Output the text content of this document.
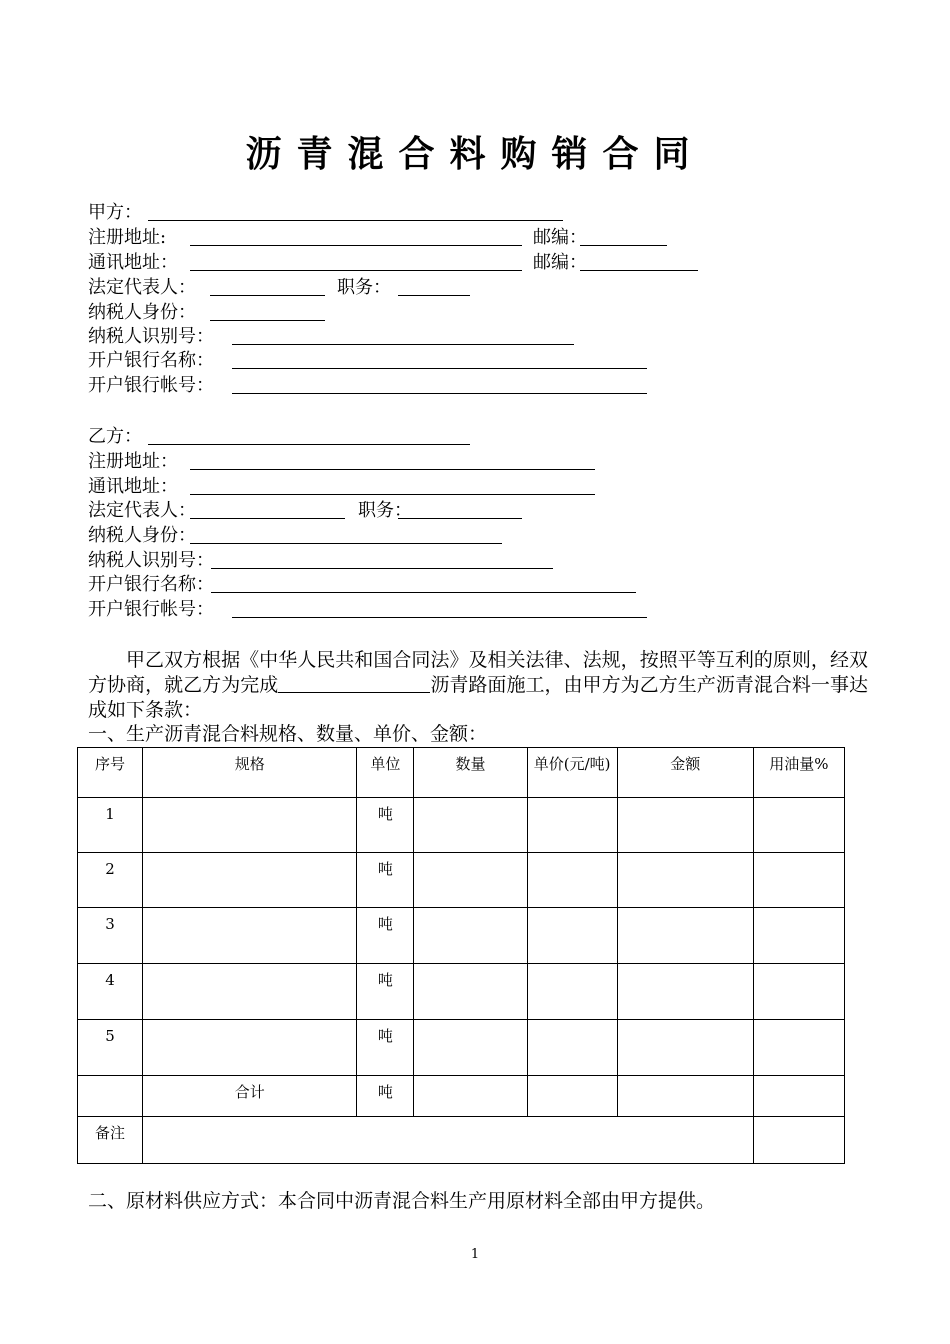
沥青混合料购销合同
甲方：
注册地址:	邮编：
通讯地址：	邮编：
法定代表人：	职务：
纳税人身份：
纳税人识别号：
开户银行名称：
开户银行帐号：
乙方：
注册地址：
通讯地址：
法定代表人：	职务：
纳税人身份：
纳税人识别号：
开户银行名称：
开户银行帐号：
甲乙双方根据《中华人民共和国合同法》及相关法律、法规，按照平等互利的原则，经双方协商，就乙方为完成	沥青路面施工，由甲方为乙方生产沥青混合料一事达成如下条款：
一、生产沥青混合料规格、数量、单价、金额：
序号	规格	单位	数量	单价(元/吨)	金额	用油量%
1		吨				
2		吨				
3		吨				
4		吨				
5		吨				
	合计	吨				
备注						
二、原材料供应方式：本合同中沥青混合料生产用原材料全部由甲方提供。
1
